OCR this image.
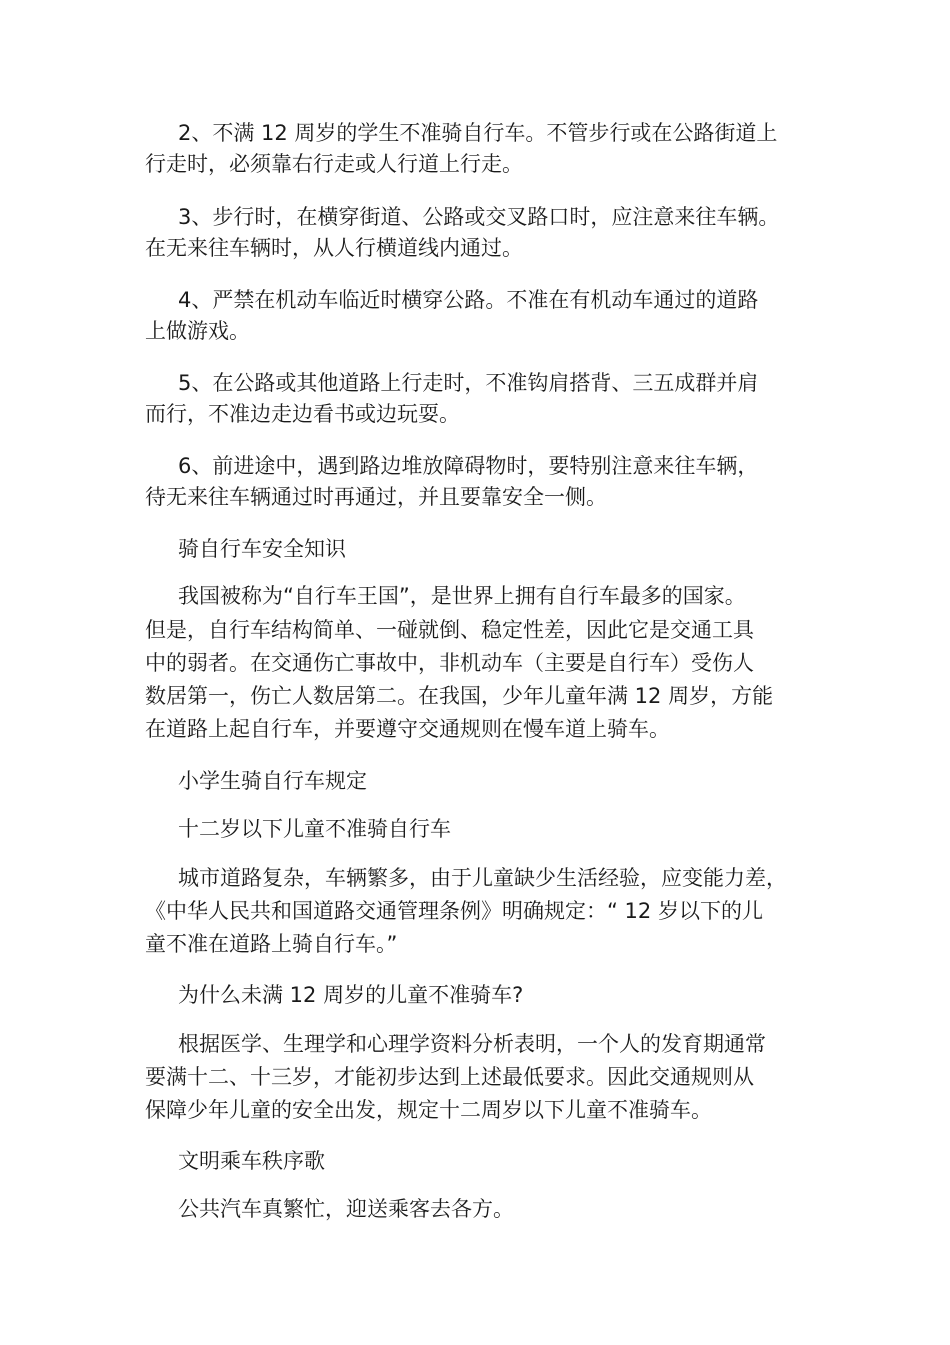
2、不满 12 周岁的学生不准骑自行车。不管步行或在公路街道上
行走时，必须靠右行走或人行道上行走。
3、步行时，在横穿街道、公路或交叉路口时，应注意来往车辆。
在无来往车辆时，从人行横道线内通过。
4、严禁在机动车临近时横穿公路。不准在有机动车通过的道路
上做游戏。
5、在公路或其他道路上行走时，不准钩肩搭背、三五成群并肩
而行，不准边走边看书或边玩耍。
6、前进途中，遇到路边堆放障碍物时，要特别注意来往车辆，
待无来往车辆通过时再通过，并且要靠安全一侧。
骑自行车安全知识
我国被称为“自行车王国”，是世界上拥有自行车最多的国家。
但是，自行车结构简单、一碰就倒、稳定性差，因此它是交通工具
中的弱者。在交通伤亡事故中，非机动车（主要是自行车）受伤人
数居第一，伤亡人数居第二。在我国，少年儿童年满 12 周岁，方能
在道路上起自行车，并要遵守交通规则在慢车道上骑车。
小学生骑自行车规定
十二岁以下儿童不准骑自行车
城市道路复杂，车辆繁多，由于儿童缺少生活经验，应变能力差，
《中华人民共和国道路交通管理条例》明确规定：“ 12 岁以下的儿
童不准在道路上骑自行车。”
为什么未满 12 周岁的儿童不准骑车?
根据医学、生理学和心理学资料分析表明，一个人的发育期通常
要满十二、十三岁，才能初步达到上述最低要求。因此交通规则从
保障少年儿童的安全出发，规定十二周岁以下儿童不准骑车。
文明乘车秩序歌
公共汽车真繁忙，迎送乘客去各方。
